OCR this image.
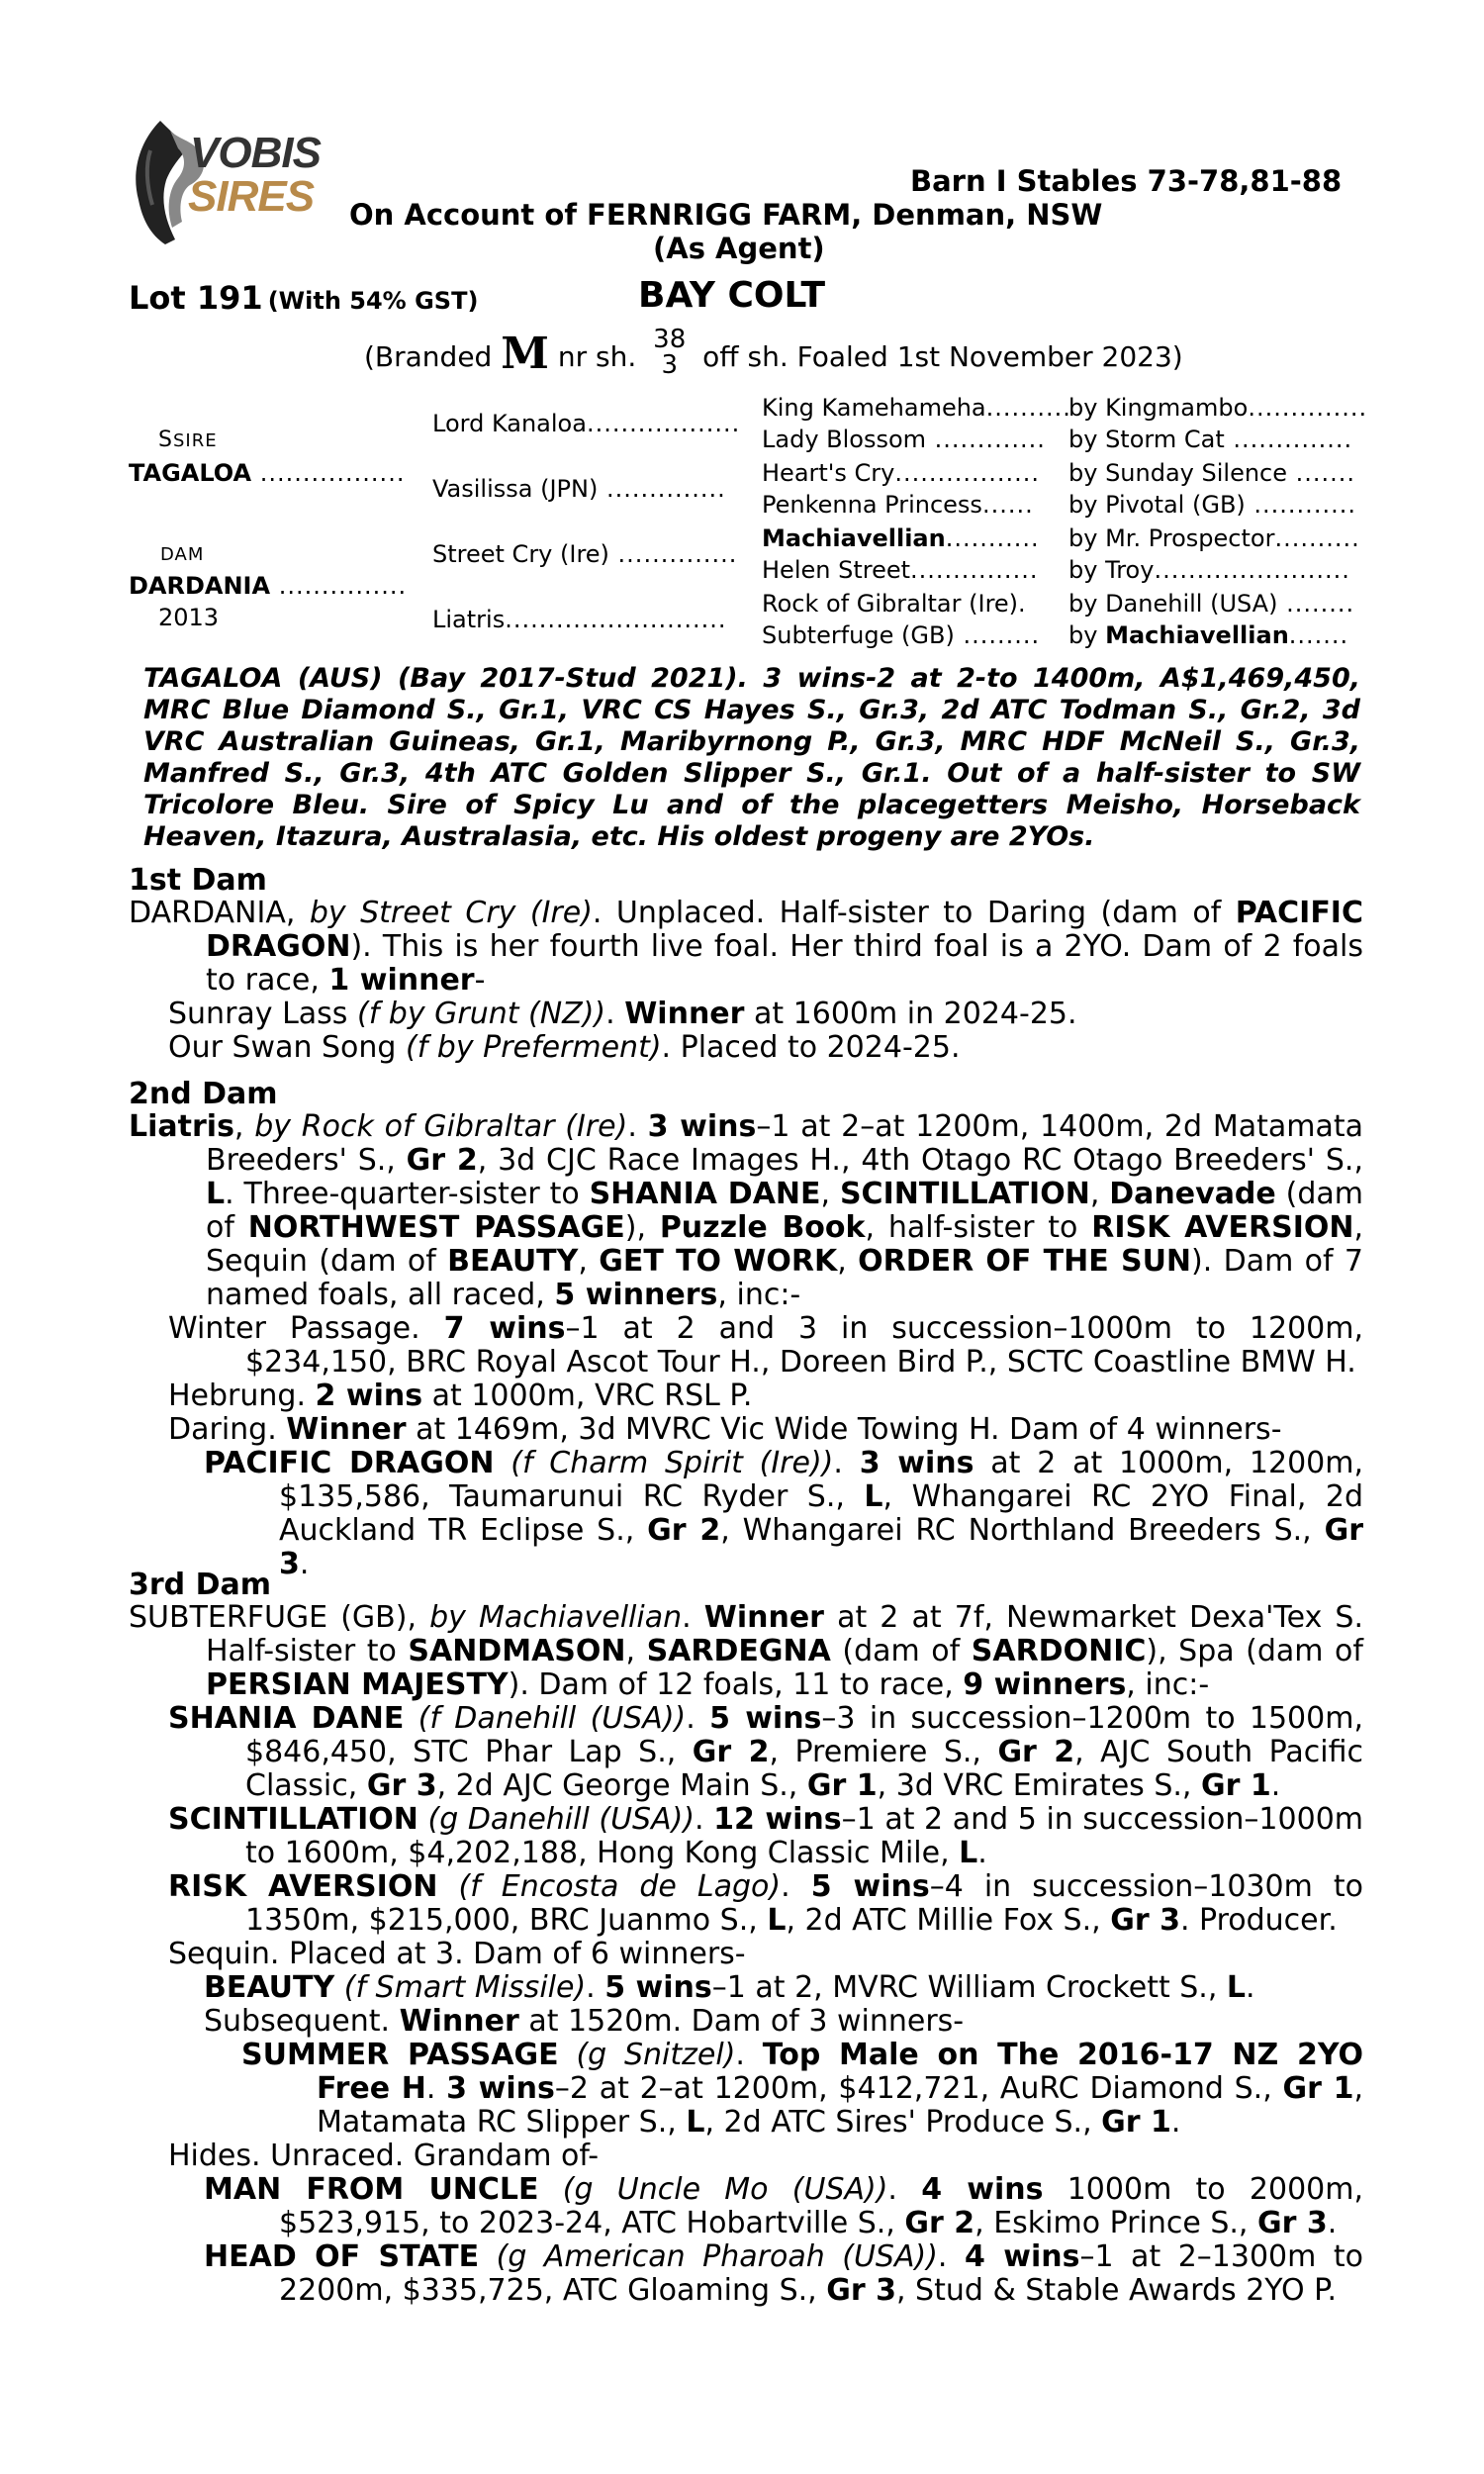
VOBIS
SIRES	Barn I Stables 73-78,81-88
On Account of FERNRIGG FARM, Denman, NSW
(As Agent)
Lot 191 (With 54% GST)	BAY COLT
(Branded M nr sh.
38
3 off sh. Foaled 1st November 2023)
SSIRE
TAGALOA .................
DAM
DARDANIA ...............
2013
Lord Kanaloa..................
Vasilissa (JPN) ..............
Street Cry (Ire) ..............
Liatris..........................
King Kamehameha..........
Lady Blossom .............
Heart's Cry.................
Penkenna Princess......
Machiavellian...........
Helen Street...............
Rock of Gibraltar (Ire).
Subterfuge (GB) .........
by Kingmambo..............
by Storm Cat ..............
by Sunday Silence .......
by Pivotal (GB) ............
by Mr. Prospector..........
by Troy.......................
by Danehill (USA) ........
by Machiavellian.......
TAGALOA (AUS) (Bay 2017-Stud 2021). 3 wins-2 at 2-to 1400m, A$1,469,450, MRC Blue Diamond S., Gr.1, VRC CS Hayes S., Gr.3, 2d ATC Todman S., Gr.2, 3d VRC Australian Guineas, Gr.1, Maribyrnong P., Gr.3, MRC HDF McNeil S., Gr.3, Manfred S., Gr.3, 4th ATC Golden Slipper S., Gr.1. Out of a half-sister to SW Tricolore Bleu. Sire of Spicy Lu and of the placegetters Meisho, Horseback Heaven, Itazura, Australasia, etc. His oldest progeny are 2YOs.
1st Dam

DARDANIA, by Street Cry (Ire). Unplaced. Half-sister to Daring (dam of PACIFIC DRAGON). This is her fourth live foal. Her third foal is a 2YO. Dam of 2 foals to race, 1 winner-

Sunray Lass (f by Grunt (NZ)). Winner at 1600m in 2024-25.

Our Swan Song (f by Preferment). Placed to 2024-25.

2nd Dam

Liatris, by Rock of Gibraltar (Ire). 3 wins–1 at 2–at 1200m, 1400m, 2d Matamata Breeders' S., Gr 2, 3d CJC Race Images H., 4th Otago RC Otago Breeders' S., L. Three-quarter-sister to SHANIA DANE, SCINTILLATION, Danevade (dam of NORTHWEST PASSAGE), Puzzle Book, half-sister to RISK AVERSION, Sequin (dam of BEAUTY, GET TO WORK, ORDER OF THE SUN). Dam of 7 named foals, all raced, 5 winners, inc:-

Winter Passage. 7 wins–1 at 2 and 3 in succession–1000m to 1200m, $234,150, BRC Royal Ascot Tour H., Doreen Bird P., SCTC Coastline BMW H.

Hebrung. 2 wins at 1000m, VRC RSL P.

Daring. Winner at 1469m, 3d MVRC Vic Wide Towing H. Dam of 4 winners-

PACIFIC DRAGON (f Charm Spirit (Ire)). 3 wins at 2 at 1000m, 1200m, $135,586, Taumarunui RC Ryder S., L, Whangarei RC 2YO Final, 2d Auckland TR Eclipse S., Gr 2, Whangarei RC Northland Breeders S., Gr 3.

3rd Dam

SUBTERFUGE (GB), by Machiavellian. Winner at 2 at 7f, Newmarket Dexa'Tex S. Half-sister to SANDMASON, SARDEGNA (dam of SARDONIC), Spa (dam of PERSIAN MAJESTY). Dam of 12 foals, 11 to race, 9 winners, inc:-

SHANIA DANE (f Danehill (USA)). 5 wins–3 in succession–1200m to 1500m, $846,450, STC Phar Lap S., Gr 2, Premiere S., Gr 2, AJC South Pacific Classic, Gr 3, 2d AJC George Main S., Gr 1, 3d VRC Emirates S., Gr 1.

SCINTILLATION (g Danehill (USA)). 12 wins–1 at 2 and 5 in succession–1000m to 1600m, $4,202,188, Hong Kong Classic Mile, L.

RISK AVERSION (f Encosta de Lago). 5 wins–4 in succession–1030m to 1350m, $215,000, BRC Juanmo S., L, 2d ATC Millie Fox S., Gr 3. Producer.

Sequin. Placed at 3. Dam of 6 winners-

BEAUTY (f Smart Missile). 5 wins–1 at 2, MVRC William Crockett S., L.

Subsequent. Winner at 1520m. Dam of 3 winners-

SUMMER PASSAGE (g Snitzel). Top Male on The 2016-17 NZ 2YO Free H. 3 wins–2 at 2–at 1200m, $412,721, AuRC Diamond S., Gr 1, Matamata RC Slipper S., L, 2d ATC Sires' Produce S., Gr 1.

Hides. Unraced. Grandam of-

MAN FROM UNCLE (g Uncle Mo (USA)). 4 wins 1000m to 2000m, $523,915, to 2023-24, ATC Hobartville S., Gr 2, Eskimo Prince S., Gr 3.

HEAD OF STATE (g American Pharoah (USA)). 4 wins–1 at 2–1300m to 2200m, $335,725, ATC Gloaming S., Gr 3, Stud & Stable Awards 2YO P.
